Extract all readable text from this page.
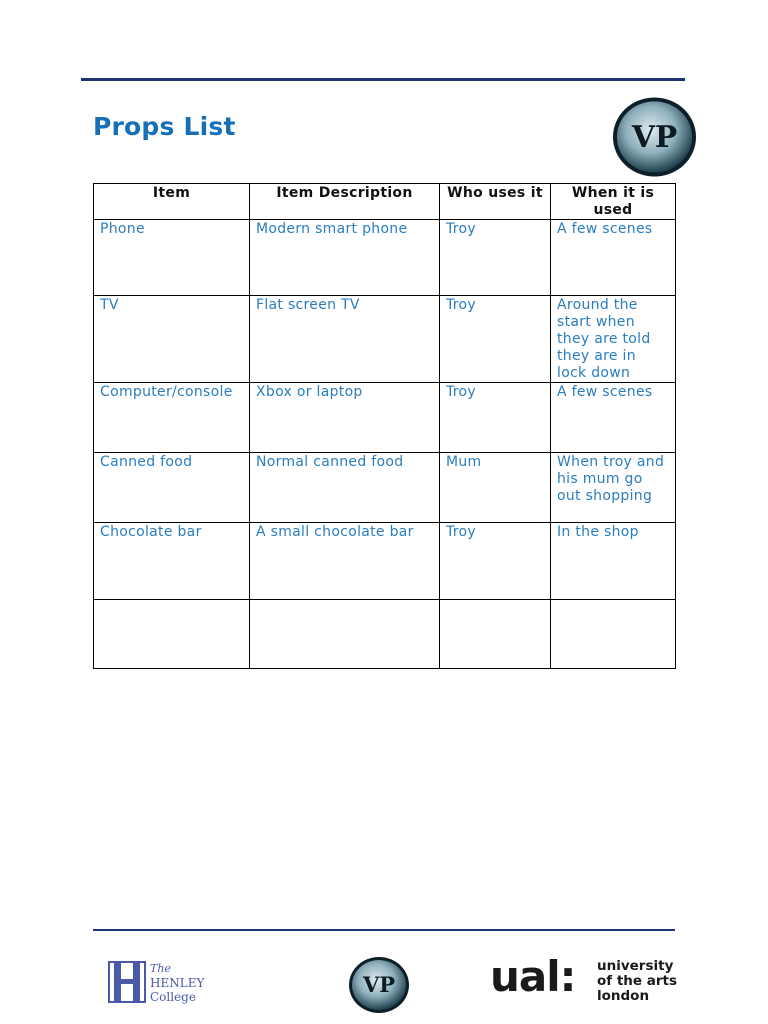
Props List	VP
Item	Item Description	Who uses it	When it is used
Phone	Modern smart phone	Troy	A few scenes
TV	Flat screen TV	Troy	Around the start when they are told they are in lock down
Computer/console	Xbox or laptop	Troy	A few scenes
Canned food	Normal canned food	Mum	When troy and his mum go out shopping
Chocolate bar	A small chocolate bar	Troy	In the shop

The
HENLEY
College	VP ual: university
of the arts
london
